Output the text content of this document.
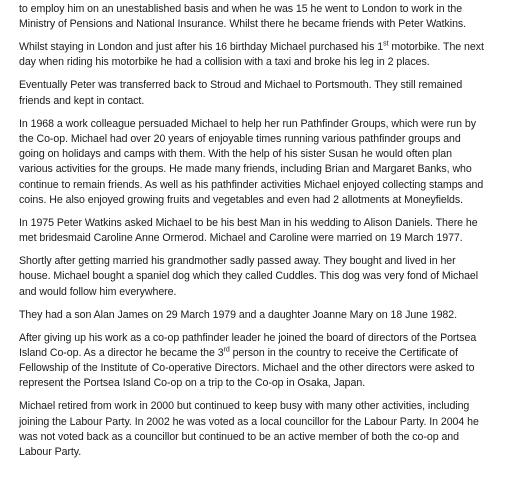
to employ him on an unestablished basis and when he was 15 he went to London to work in the
Ministry of Pensions and National Insurance. Whilst there he became friends with Peter Watkins.

Whilst staying in London and just after his 16 birthday Michael purchased his 1st motorbike. The next
day when riding his motorbike he had a collision with a taxi and broke his leg in 2 places.

Eventually Peter was transferred back to Stroud and Michael to Portsmouth. They still remained
friends and kept in contact.

In 1968 a work colleague persuaded Michael to help her run Pathfinder Groups, which were run by
the Co-op. Michael had over 20 years of enjoyable times running various pathfinder groups and
going on holidays and camps with them. With the help of his sister Susan he would often plan
various activities for the groups. He made many friends, including Brian and Margaret Banks, who
continue to remain friends. As well as his pathfinder activities Michael enjoyed collecting stamps and
coins. He also enjoyed growing fruits and vegetables and even had 2 allotments at Moneyfields.

In 1975 Peter Watkins asked Michael to be his best Man in his wedding to Alison Daniels. There he
met bridesmaid Caroline Anne Ormerod. Michael and Caroline were married on 19 March 1977.

Shortly after getting married his grandmother sadly passed away. They bought and lived in her
house. Michael bought a spaniel dog which they called Cuddles. This dog was very fond of Michael
and would follow him everywhere.

They had a son Alan James on 29 March 1979 and a daughter Joanne Mary on 18 June 1982.

After giving up his work as a co-op pathfinder leader he joined the board of directors of the Portsea
Island Co-op. As a director he became the 3rd person in the country to receive the Certificate of
Fellowship of the Institute of Co-operative Directors. Michael and the other directors were asked to
represent the Portsea Island Co-op on a trip to the Co-op in Osaka, Japan.

Michael retired from work in 2000 but continued to keep busy with many other activities, including
joining the Labour Party. In 2002 he was voted as a local councillor for the Labour Party. In 2004 he
was not voted back as a councillor but continued to be an active member of both the co-op and
Labour Party.
